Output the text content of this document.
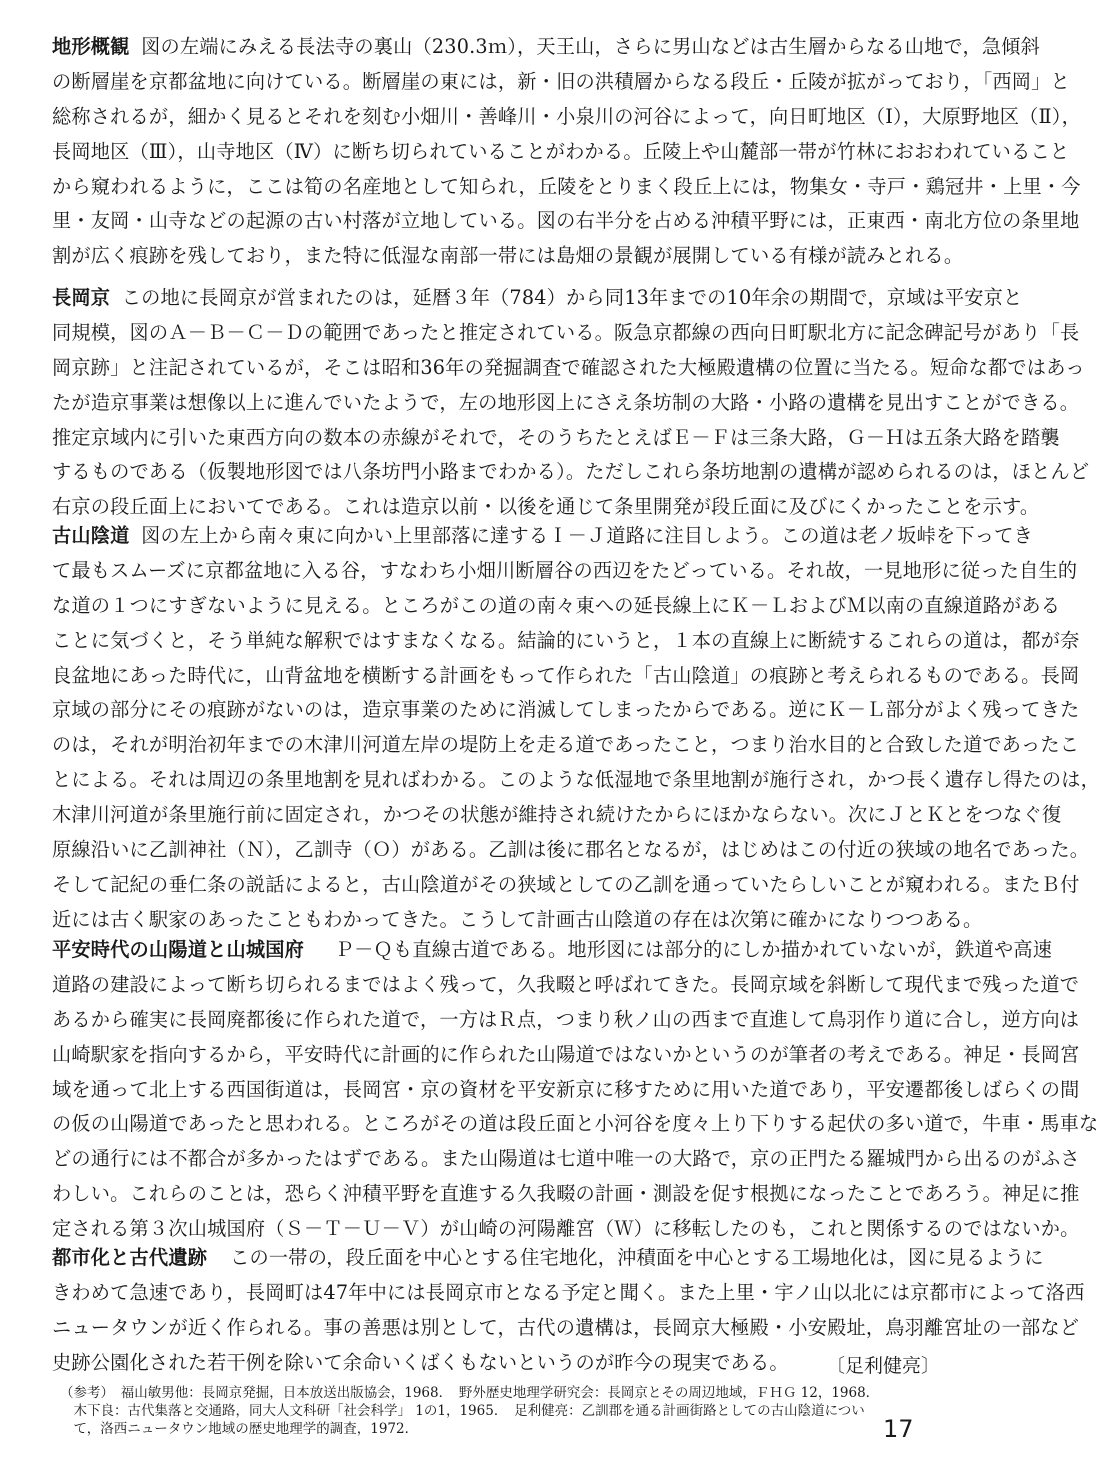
地形概観 図の左端にみえる長法寺の裏山（230.3ｍ），天王山，さらに男山などは古生層からなる山地で，急傾斜
の断層崖を京都盆地に向けている。断層崖の東には，新・旧の洪積層からなる段丘・丘陵が拡がっており，「西岡」と
総称されるが，細かく見るとそれを刻む小畑川・善峰川・小泉川の河谷によって，向日町地区（Ⅰ），大原野地区（Ⅱ），
長岡地区（Ⅲ），山寺地区（Ⅳ）に断ち切られていることがわかる。丘陵上や山麓部一帯が竹林におおわれていること
から窺われるように，ここは筍の名産地として知られ，丘陵をとりまく段丘上には，物集女・寺戸・鶏冠井・上里・今
里・友岡・山寺などの起源の古い村落が立地している。図の右半分を占める沖積平野には，正東西・南北方位の条里地
割が広く痕跡を残しており，また特に低湿な南部一帯には島畑の景観が展開している有様が読みとれる。
長岡京 この地に長岡京が営まれたのは，延暦３年（784）から同13年までの10年余の期間で，京域は平安京と
同規模，図のＡ－Ｂ－Ｃ－Ｄの範囲であったと推定されている。阪急京都線の西向日町駅北方に記念碑記号があり「長
岡京跡」と注記されているが，そこは昭和36年の発掘調査で確認された大極殿遺構の位置に当たる。短命な都ではあっ
たが造京事業は想像以上に進んでいたようで，左の地形図上にさえ条坊制の大路・小路の遺構を見出すことができる。
推定京域内に引いた東西方向の数本の赤線がそれで，そのうちたとえばＥ－Ｆは三条大路，Ｇ－Ｈは五条大路を踏襲
するものである（仮製地形図では八条坊門小路までわかる）。ただしこれら条坊地割の遺構が認められるのは，ほとんど
右京の段丘面上においてである。これは造京以前・以後を通じて条里開発が段丘面に及びにくかったことを示す。
古山陰道 図の左上から南々東に向かい上里部落に達するＩ－Ｊ道路に注目しよう。この道は老ノ坂峠を下ってき
て最もスムーズに京都盆地に入る谷，すなわち小畑川断層谷の西辺をたどっている。それ故，一見地形に従った自生的
な道の１つにすぎないように見える。ところがこの道の南々東への延長線上にＫ－ＬおよびＭ以南の直線道路がある
ことに気づくと，そう単純な解釈ではすまなくなる。結論的にいうと，１本の直線上に断続するこれらの道は，都が奈
良盆地にあった時代に，山背盆地を横断する計画をもって作られた「古山陰道」の痕跡と考えられるものである。長岡
京域の部分にその痕跡がないのは，造京事業のために消滅してしまったからである。逆にＫ－Ｌ部分がよく残ってきた
のは，それが明治初年までの木津川河道左岸の堤防上を走る道であったこと，つまり治水目的と合致した道であったこ
とによる。それは周辺の条里地割を見ればわかる。このような低湿地で条里地割が施行され，かつ長く遺存し得たのは，
木津川河道が条里施行前に固定され，かつその状態が維持され続けたからにほかならない。次にＪとＫとをつなぐ復
原線沿いに乙訓神社（Ｎ），乙訓寺（Ｏ）がある。乙訓は後に郡名となるが，はじめはこの付近の狭域の地名であった。
そして記紀の垂仁条の説話によると，古山陰道がその狭域としての乙訓を通っていたらしいことが窺われる。またＢ付
近には古く駅家のあったこともわかってきた。こうして計画古山陰道の存在は次第に確かになりつつある。
平安時代の山陽道と山城国府 Ｐ－Ｑも直線古道である。地形図には部分的にしか描かれていないが，鉄道や高速
道路の建設によって断ち切られるまではよく残って，久我畷と呼ばれてきた。長岡京域を斜断して現代まで残った道で
あるから確実に長岡廃都後に作られた道で，一方はＲ点，つまり秋ノ山の西まで直進して鳥羽作り道に合し，逆方向は
山崎駅家を指向するから，平安時代に計画的に作られた山陽道ではないかというのが筆者の考えである。神足・長岡宮
域を通って北上する西国街道は，長岡宮・京の資材を平安新京に移すために用いた道であり，平安遷都後しばらくの間
の仮の山陽道であったと思われる。ところがその道は段丘面と小河谷を度々上り下りする起伏の多い道で，牛車・馬車な
どの通行には不都合が多かったはずである。また山陽道は七道中唯一の大路で，京の正門たる羅城門から出るのがふさ
わしい。これらのことは，恐らく沖積平野を直進する久我畷の計画・測設を促す根拠になったことであろう。神足に推
定される第３次山城国府（Ｓ－Ｔ－Ｕ－Ｖ）が山崎の河陽離宮（Ｗ）に移転したのも，これと関係するのではないか。
都市化と古代遺跡 この一帯の，段丘面を中心とする住宅地化，沖積面を中心とする工場地化は，図に見るように
きわめて急速であり，長岡町は47年中には長岡京市となる予定と聞く。また上里・宇ノ山以北には京都市によって洛西
ニュータウンが近く作られる。事の善悪は別として，古代の遺構は，長岡京大極殿・小安殿址，鳥羽離宮址の一部など
史跡公園化された若干例を除いて余命いくばくもないというのが昨今の現実である。	〔足利健亮〕
（参考）　福山敏男他：長岡京発掘，日本放送出版協会，1968．　野外歴史地理学研究会：長岡京とその周辺地域，ＦＨＧ 12，1968．
　木下良：古代集落と交通路，同大人文科研「社会科学」 1の1，1965．　足利健亮：乙訓郡を通る計画街路としての古山陰道につい
　て，洛西ニュータウン地域の歴史地理学的調査，1972．	17
